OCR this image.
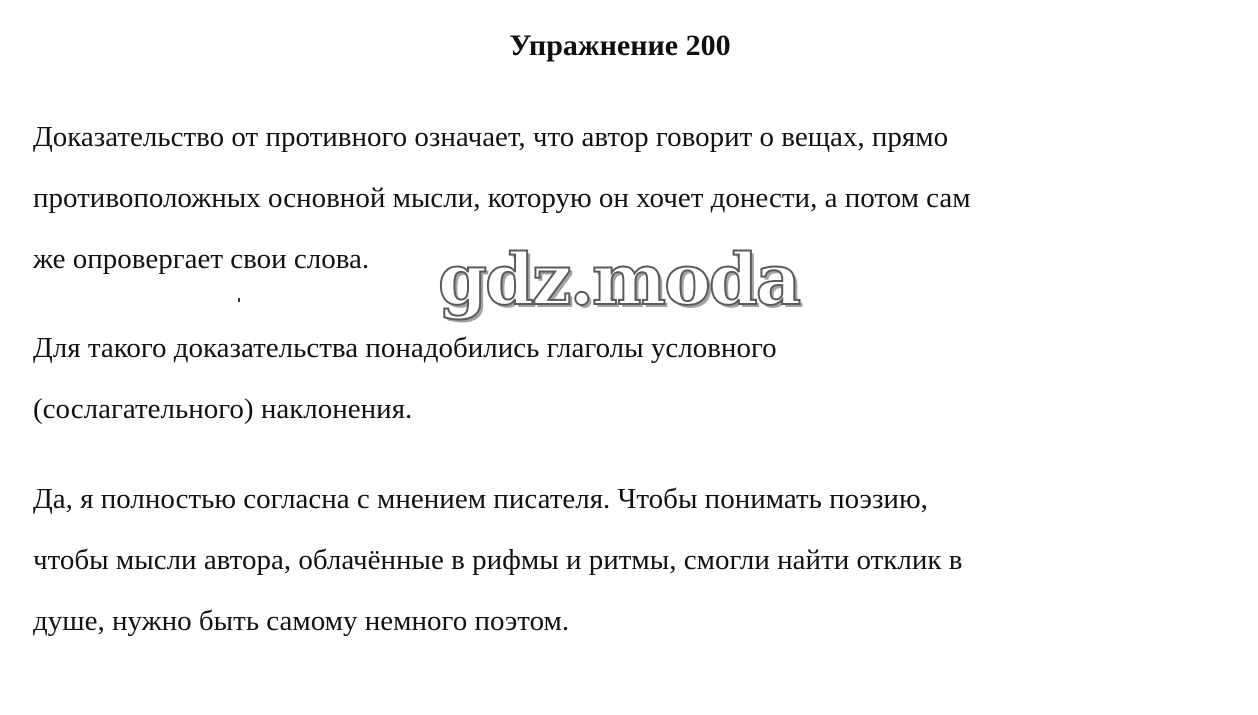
Упражнение 200

Доказательство от противного означает, что автор говорит о вещах, прямо
противоположных основной мысли, которую он хочет донести, а потом сам
же опровергает свои слова.

Для такого доказательства понадобились глаголы условного
(сослагательного) наклонения.

Да, я полностью согласна с мнением писателя. Чтобы понимать поэзию,
чтобы мысли автора, облачённые в рифмы и ритмы, смогли найти отклик в
душе, нужно быть самому немного поэтом.

gdz.moda
